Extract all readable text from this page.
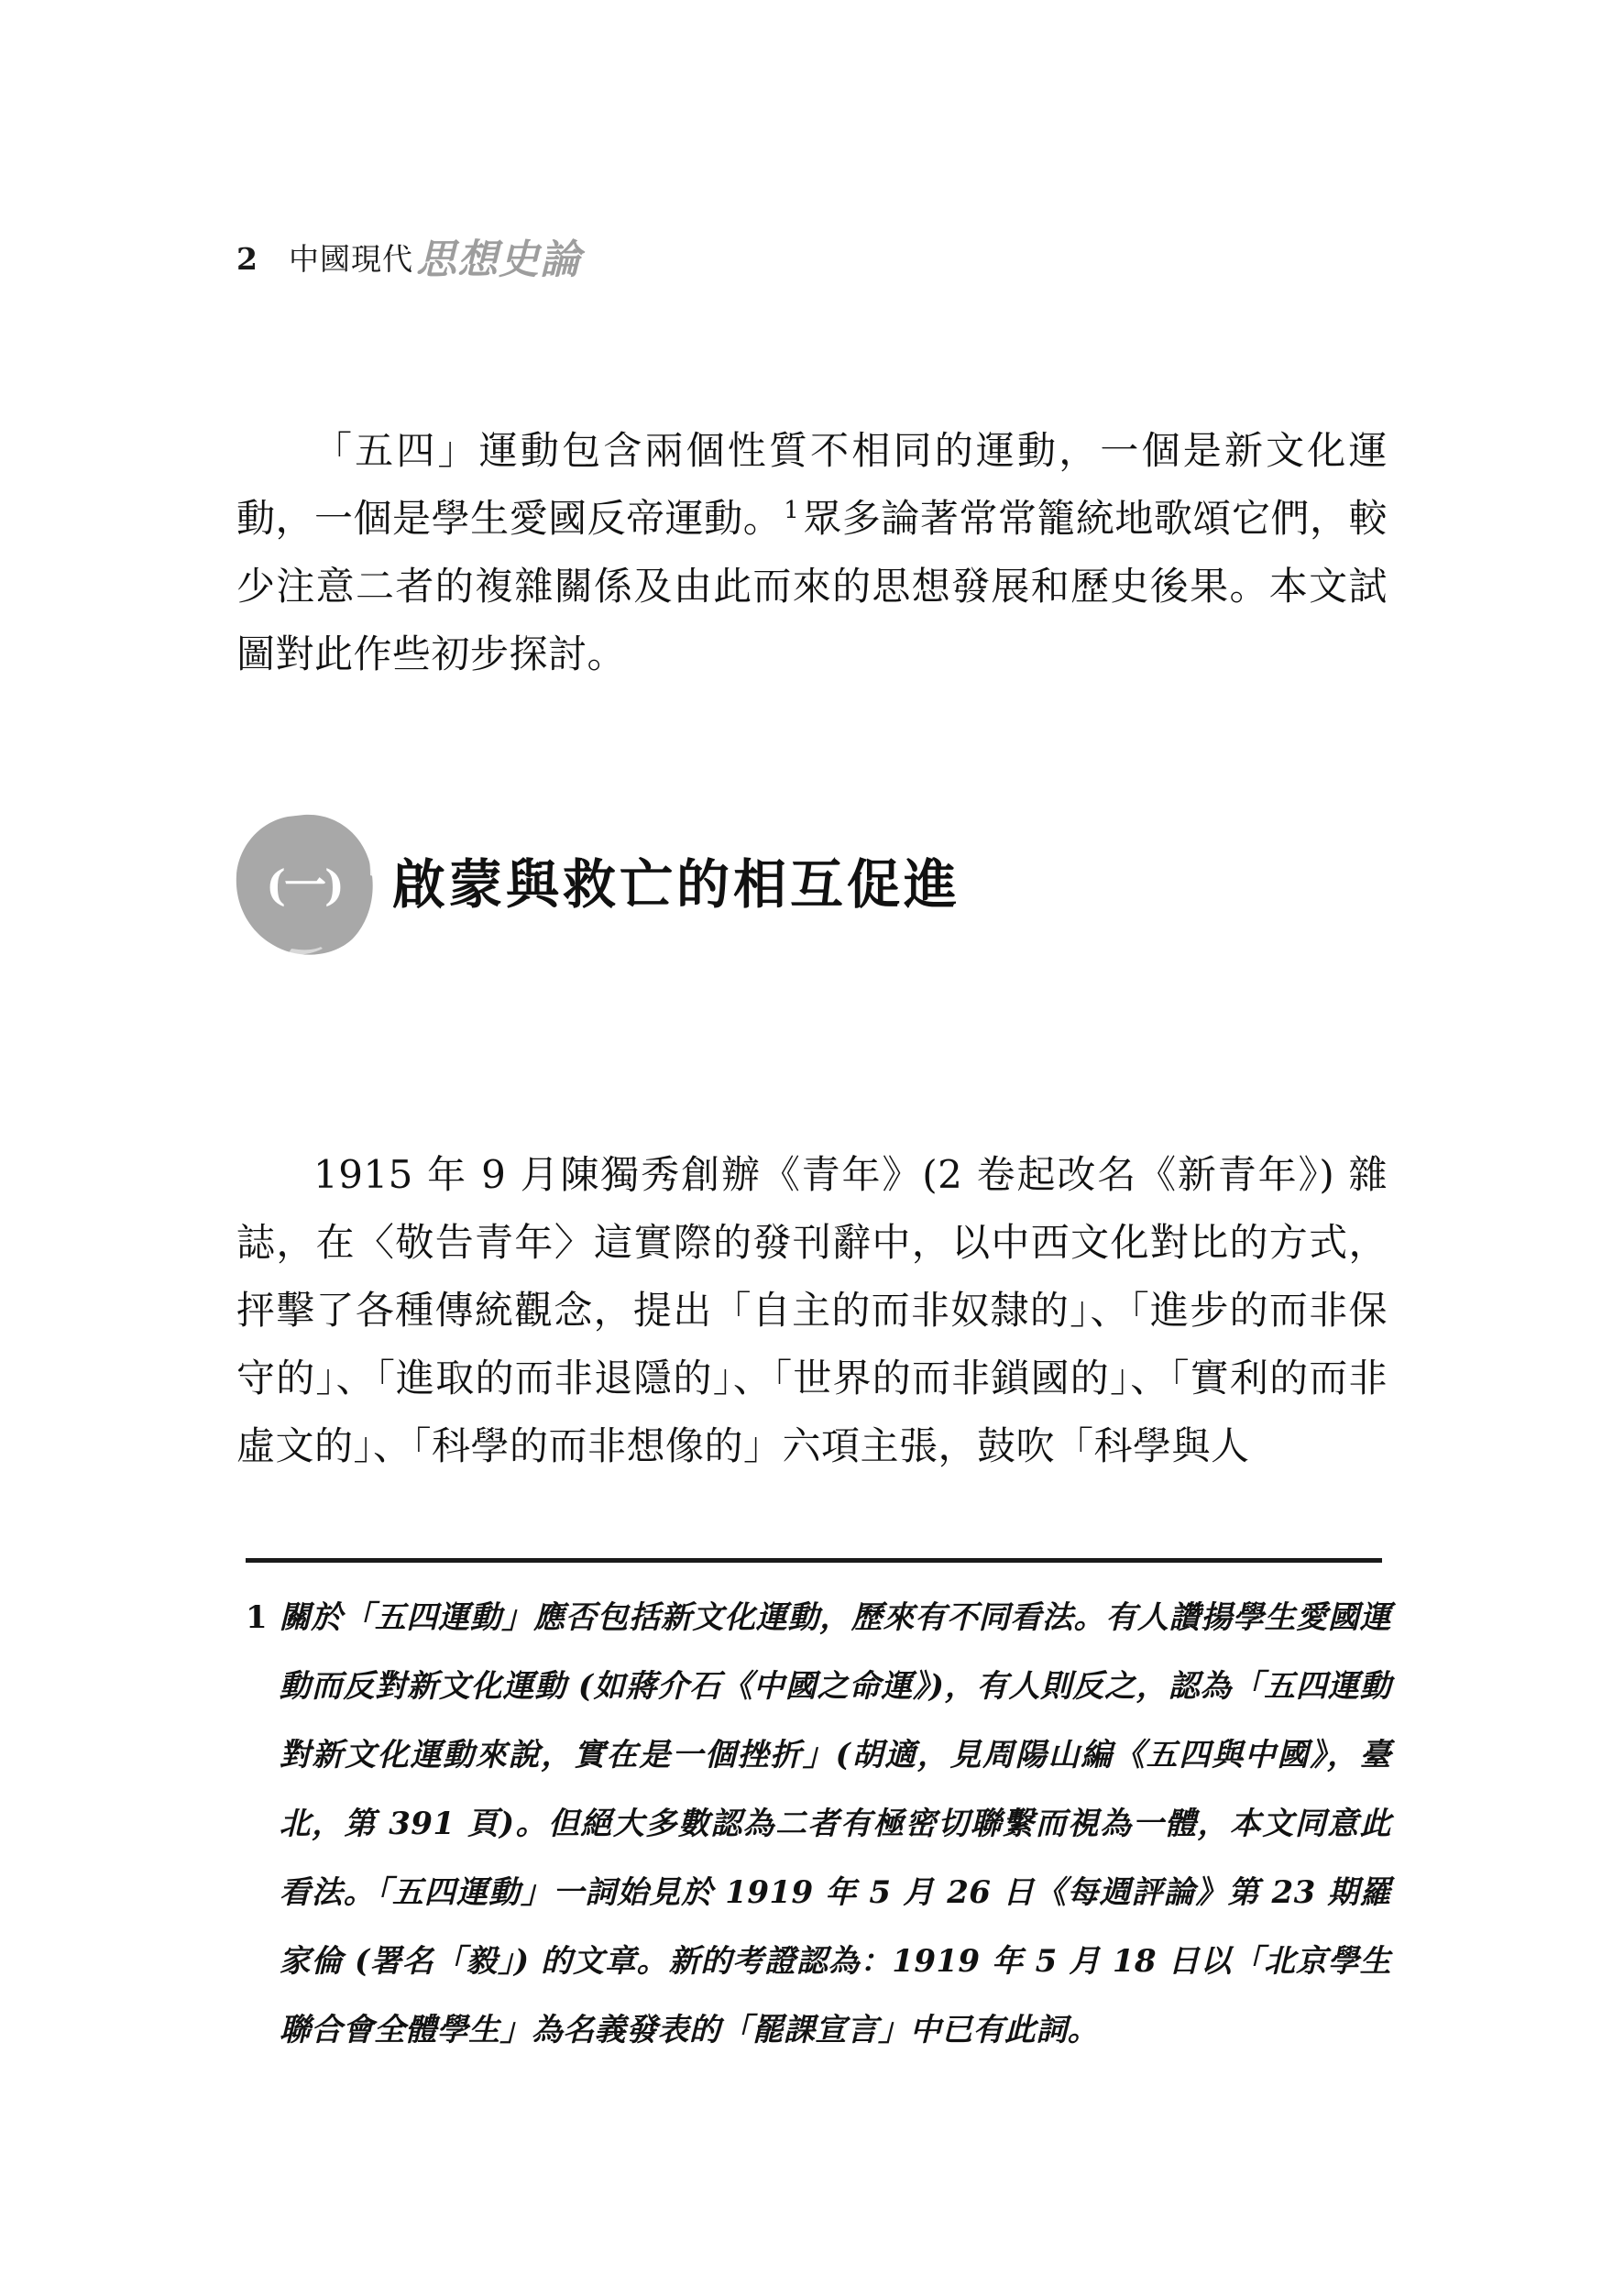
2 中國現代 思想史論

「五四」運動包含兩個性質不相同的運動，一個是新文化運動，一個是學生愛國反帝運動。$^1$眾多論著常常籠統地歌頌它們，較少注意二者的複雜關係及由此而來的思想發展和歷史後果。本文試圖對此作些初步探討。

(一) 啟蒙與救亡的相互促進

1915 年 9 月陳獨秀創辦《青年》(2 卷起改名《新青年》) 雜誌，在〈敬告青年〉這實際的發刊辭中，以中西文化對比的方式，抨擊了各種傳統觀念，提出「自主的而非奴隸的」、「進步的而非保守的」、「進取的而非退隱的」、「世界的而非鎖國的」、「實利的而非虛文的」、「科學的而非想像的」六項主張，鼓吹「科學與人

1 關於「五四運動」應否包括新文化運動，歷來有不同看法。有人讚揚學生愛國運動而反對新文化運動 (如蔣介石《中國之命運》)，有人則反之，認為「五四運動對新文化運動來說，實在是一個挫折」(胡適，見周陽山編《五四與中國》，臺北，第 391 頁)。但絕大多數認為二者有極密切聯繫而視為一體，本文同意此看法。「五四運動」一詞始見於 1919 年 5 月 26 日《每週評論》第 23 期羅家倫 (署名「毅」) 的文章。新的考證認為：1919 年 5 月 18 日以「北京學生聯合會全體學生」為名義發表的「罷課宣言」中已有此詞。
